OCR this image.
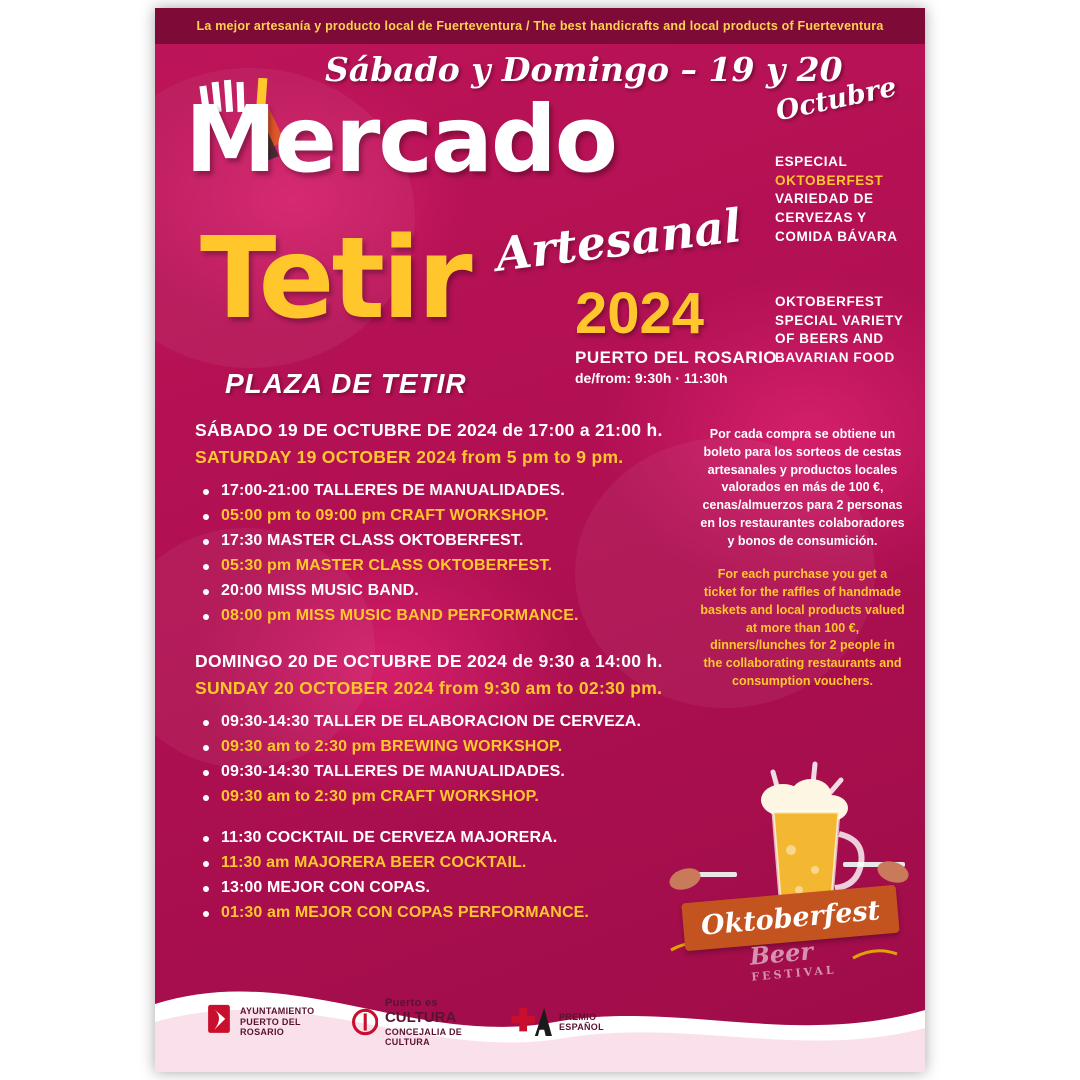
La mejor artesanía y producto local de Fuerteventura / The best handicrafts and local products of Fuerteventura
Sábado y Domingo – 19 y 20
Octubre
Mercado
Artesanal
Tetir
PLAZA DE TETIR
2024
PUERTO DEL ROSARIO
de/from: 9:30h · 11:30h
ESPECIAL
OKTOBERFEST
VARIEDAD DE CERVEZAS Y COMIDA BÁVARA
OKTOBERFEST
SPECIAL VARIETY OF BEERS AND BAVARIAN FOOD
SÁBADO 19 DE OCTUBRE DE 2024 de 17:00 a 21:00 h.
SATURDAY 19 OCTOBER 2024 from 5 pm to 9 pm.
17:00-21:00 TALLERES DE MANUALIDADES.
05:00 pm to 09:00 pm CRAFT WORKSHOP.
17:30 MASTER CLASS OKTOBERFEST.
05:30 pm MASTER CLASS OKTOBERFEST.
20:00 MISS MUSIC BAND.
08:00 pm MISS MUSIC BAND PERFORMANCE.
DOMINGO 20 DE OCTUBRE DE 2024 de 9:30 a 14:00 h.
SUNDAY 20 OCTOBER 2024 from 9:30 am to 02:30 pm.
09:30-14:30 TALLER DE ELABORACION DE CERVEZA.
09:30 am to 2:30 pm BREWING WORKSHOP.
09:30-14:30 TALLERES DE MANUALIDADES.
09:30 am to 2:30 pm CRAFT WORKSHOP.
11:30 COCKTAIL DE CERVEZA MAJORERA.
11:30 am MAJORERA BEER COCKTAIL.
13:00 MEJOR CON COPAS.
01:30 am MEJOR CON COPAS PERFORMANCE.
Por cada compra se obtiene un boleto para los sorteos de cestas artesanales y productos locales valorados en más de 100 €, cenas/almuerzos para 2 personas en los restaurantes colaboradores y bonos de consumición.
For each purchase you get a ticket for the raffles of handmade baskets and local products valued at more than 100 €, dinners/lunches for 2 people in the collaborating restaurants and consumption vouchers.
Oktoberfest
Beer
FESTIVAL
AYUNTAMIENTO
PUERTO DEL ROSARIO
Puerto es
CULTURA
CONCEJALIA DE CULTURA
PREMIO ESPAÑOL
